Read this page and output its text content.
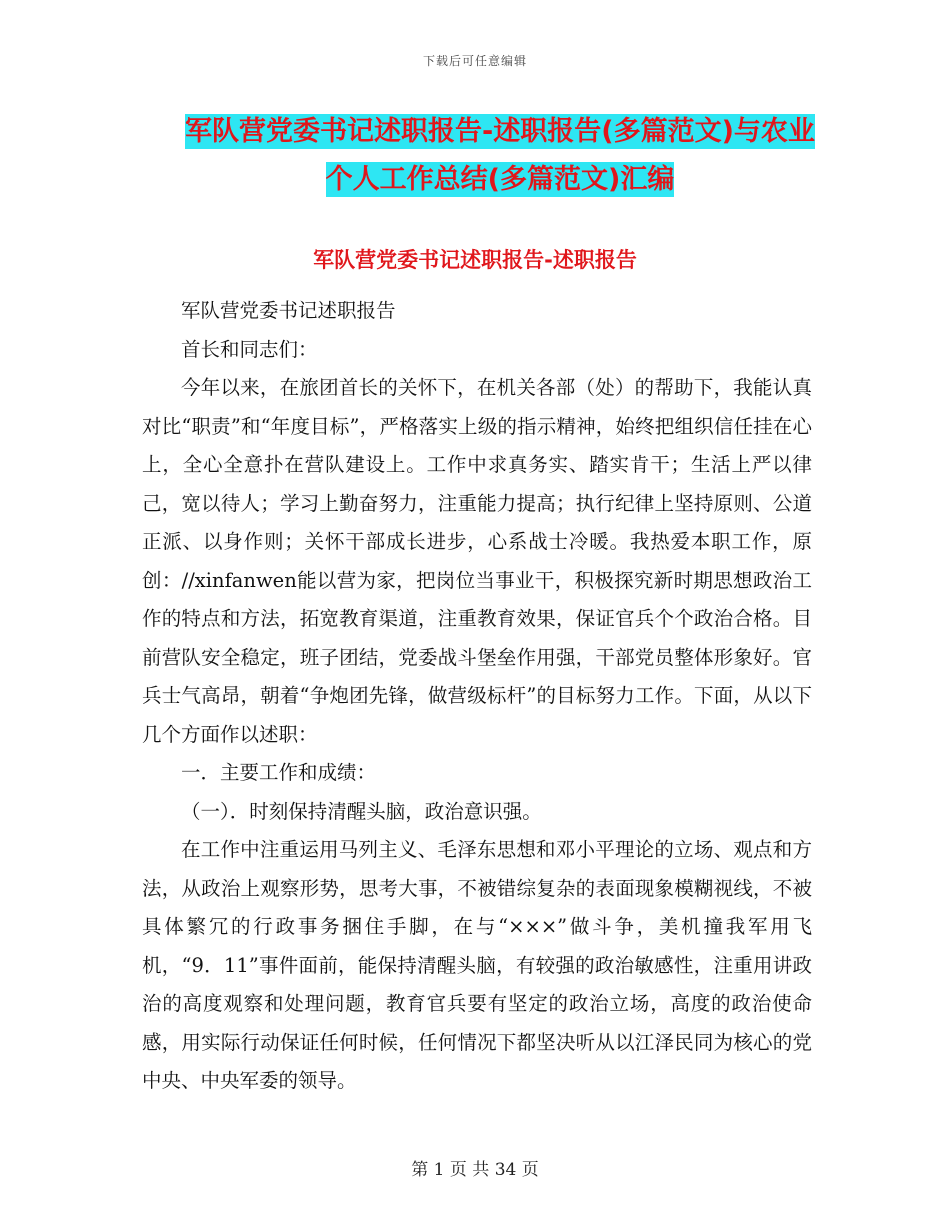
下载后可任意编辑
军队营党委书记述职报告-述职报告(多篇范文)与农业
个人工作总结(多篇范文)汇编
军队营党委书记述职报告-述职报告

军队营党委书记述职报告

首长和同志们：

今年以来，在旅团首长的关怀下，在机关各部（处）的帮助下，我能认真对比“职责”和“年度目标”，严格落实上级的指示精神，始终把组织信任挂在心上，全心全意扑在营队建设上。工作中求真务实、踏实肯干；生活上严以律己，宽以待人；学习上勤奋努力，注重能力提高；执行纪律上坚持原则、公道正派、以身作则；关怀干部成长进步，心系战士冷暖。我热爱本职工作，原创：//xinfanwen能以营为家，把岗位当事业干，积极探究新时期思想政治工作的特点和方法，拓宽教育渠道，注重教育效果，保证官兵个个政治合格。目前营队安全稳定，班子团结，党委战斗堡垒作用强，干部党员整体形象好。官兵士气高昂，朝着“争炮团先锋，做营级标杆”的目标努力工作。下面，从以下几个方面作以述职：

一．主要工作和成绩：

（一）．时刻保持清醒头脑，政治意识强。

在工作中注重运用马列主义、毛泽东思想和邓小平理论的立场、观点和方法，从政治上观察形势，思考大事，不被错综复杂的表面现象模糊视线，不被具体繁冗的行政事务捆住手脚，在与“×××”做斗争，美机撞我军用飞机，“9．11”事件面前，能保持清醒头脑，有较强的政治敏感性，注重用讲政治的高度观察和处理问题，教育官兵要有坚定的政治立场，高度的政治使命感，用实际行动保证任何时候，任何情况下都坚决听从以江泽民同为核心的党中央、中央军委的领导。

第 1 页 共 34 页
